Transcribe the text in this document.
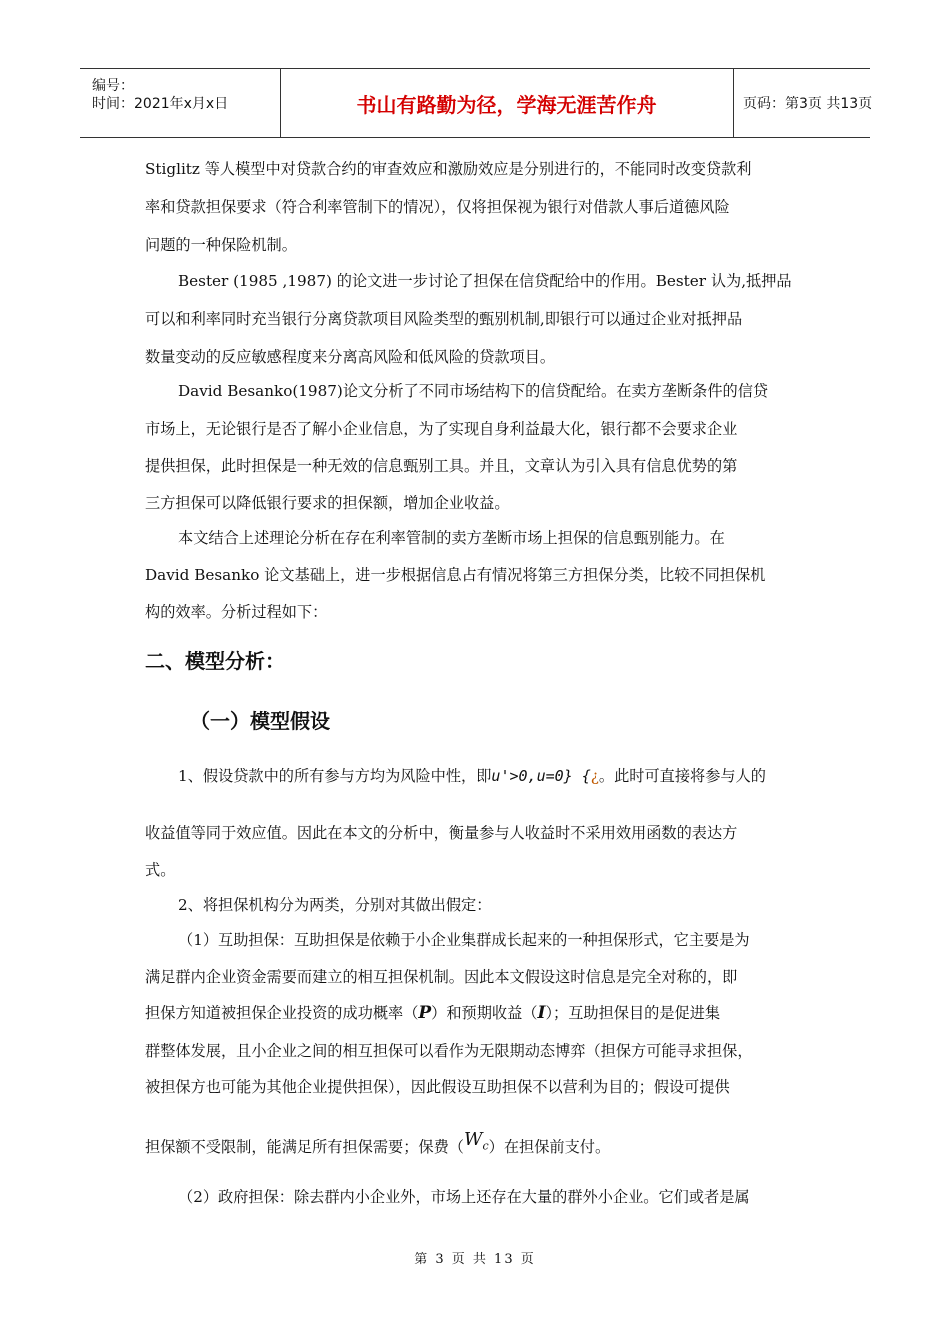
编号：
时间：2021年x月x日	书山有路勤为径，学海无涯苦作舟	页码：第3页 共13页
Stiglitz 等人模型中对贷款合约的审查效应和激励效应是分别进行的，不能同时改变贷款利
率和贷款担保要求（符合利率管制下的情况），仅将担保视为银行对借款人事后道德风险
问题的一种保险机制。
Bester (1985 ,1987) 的论文进一步讨论了担保在信贷配给中的作用。Bester 认为,抵押品
可以和利率同时充当银行分离贷款项目风险类型的甄别机制,即银行可以通过企业对抵押品
数量变动的反应敏感程度来分离高风险和低风险的贷款项目。
David Besanko(1987)论文分析了不同市场结构下的信贷配给。在卖方垄断条件的信贷
市场上，无论银行是否了解小企业信息，为了实现自身利益最大化，银行都不会要求企业
提供担保，此时担保是一种无效的信息甄别工具。并且，文章认为引入具有信息优势的第
三方担保可以降低银行要求的担保额，增加企业收益。
本文结合上述理论分析在存在利率管制的卖方垄断市场上担保的信息甄别能力。在
David Besanko 论文基础上，进一步根据信息占有情况将第三方担保分类，比较不同担保机
构的效率。分析过程如下：
二、模型分析：
（一）模型假设
1、假设贷款中的所有参与方均为风险中性，即u'>0,u=0} {¿。此时可直接将参与人的
收益值等同于效应值。因此在本文的分析中，衡量参与人收益时不采用效用函数的表达方
式。
2、将担保机构分为两类，分别对其做出假定：
（1）互助担保：互助担保是依赖于小企业集群成长起来的一种担保形式，它主要是为
满足群内企业资金需要而建立的相互担保机制。因此本文假设这时信息是完全对称的，即
担保方知道被担保企业投资的成功概率（P）和预期收益（I）；互助担保目的是促进集
群整体发展，且小企业之间的相互担保可以看作为无限期动态博弈（担保方可能寻求担保，
被担保方也可能为其他企业提供担保），因此假设互助担保不以营利为目的；假设可提供
担保额不受限制，能满足所有担保需要；保费$(W_c)$在担保前支付。
（2）政府担保：除去群内小企业外，市场上还存在大量的群外小企业。它们或者是属
第 3 页 共 13 页
